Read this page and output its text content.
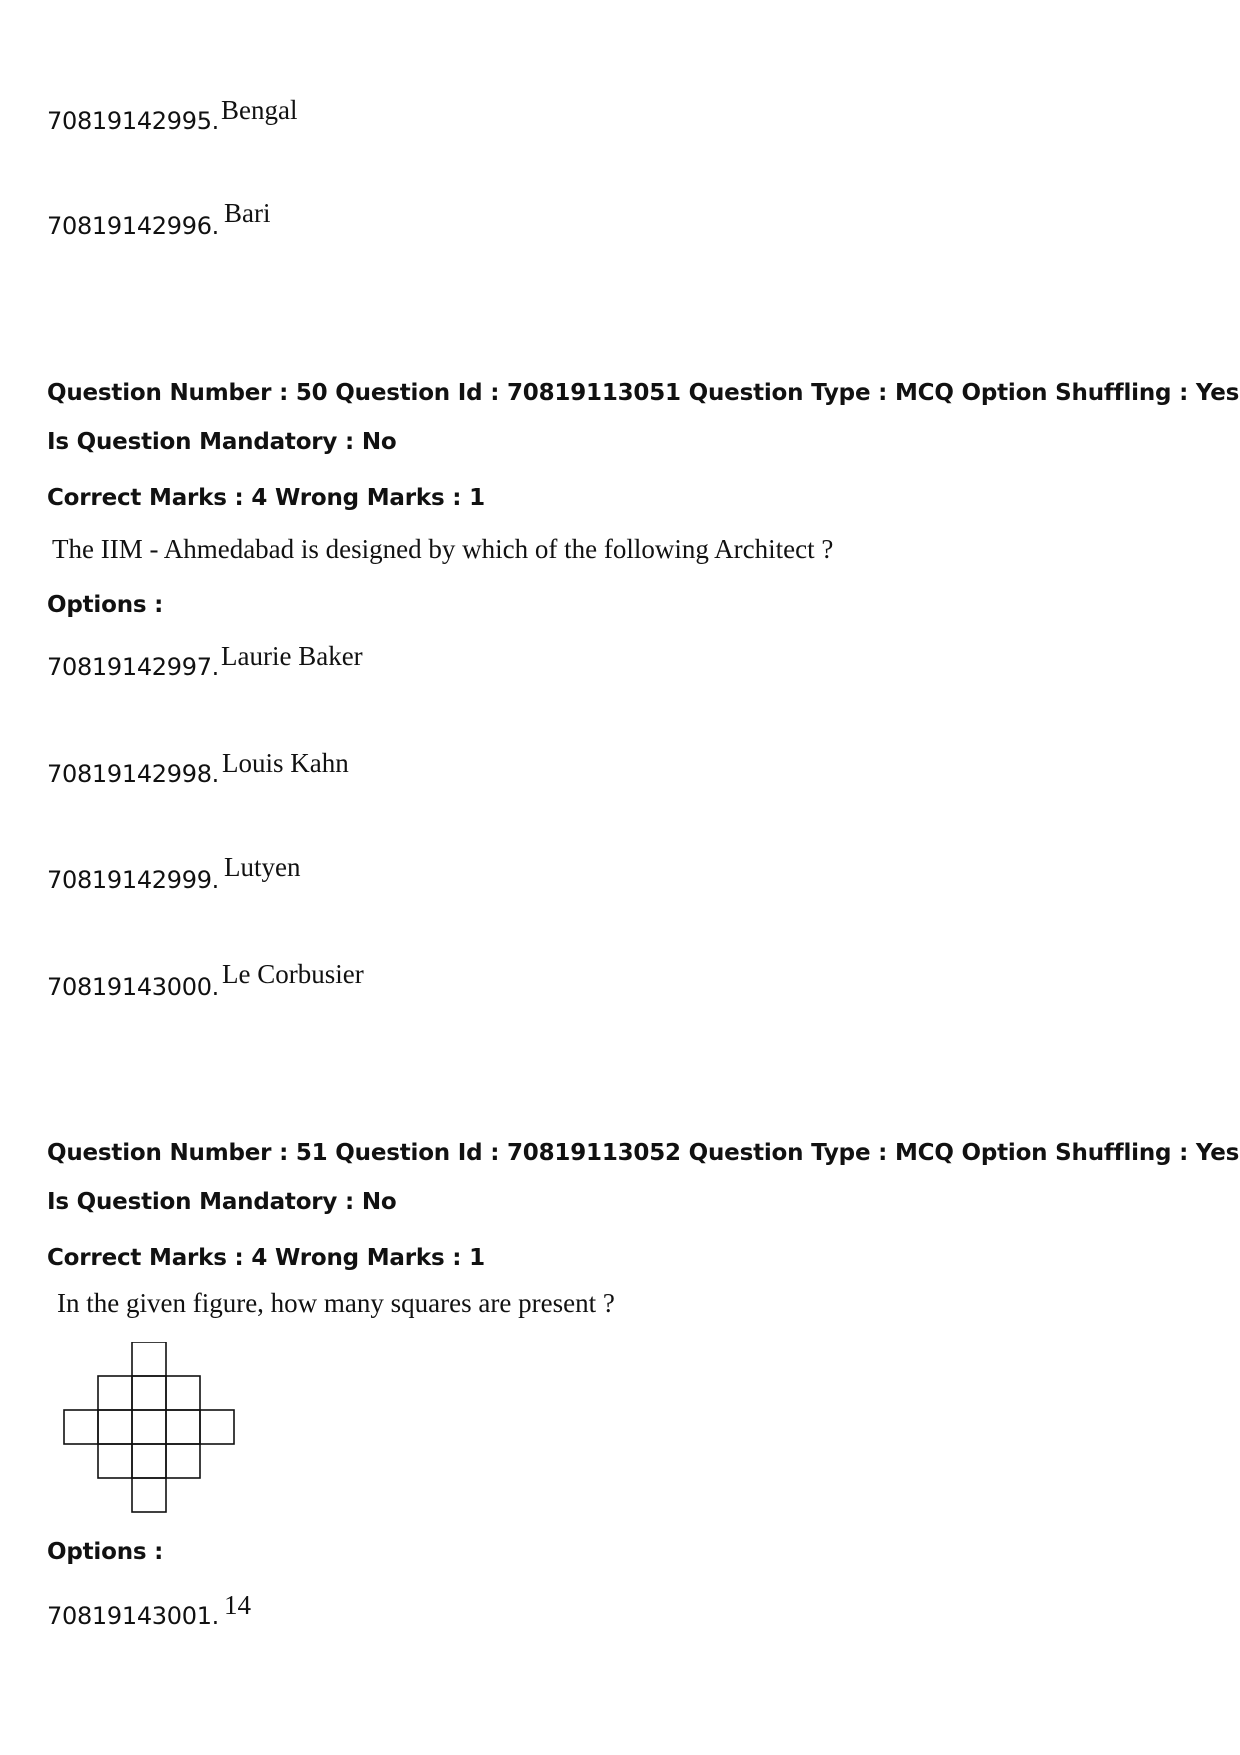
70819142995. Bengal
70819142996. Bari
Question Number : 50 Question Id : 70819113051 Question Type : MCQ Option Shuffling : Yes
Is Question Mandatory : No
Correct Marks : 4 Wrong Marks : 1
The IIM - Ahmedabad is designed by which of the following Architect ?
Options :
70819142997. Laurie Baker
70819142998. Louis Kahn
70819142999. Lutyen
70819143000. Le Corbusier
Question Number : 51 Question Id : 70819113052 Question Type : MCQ Option Shuffling : Yes
Is Question Mandatory : No
Correct Marks : 4 Wrong Marks : 1
In the given figure, how many squares are present ?
Options :
70819143001. 14
